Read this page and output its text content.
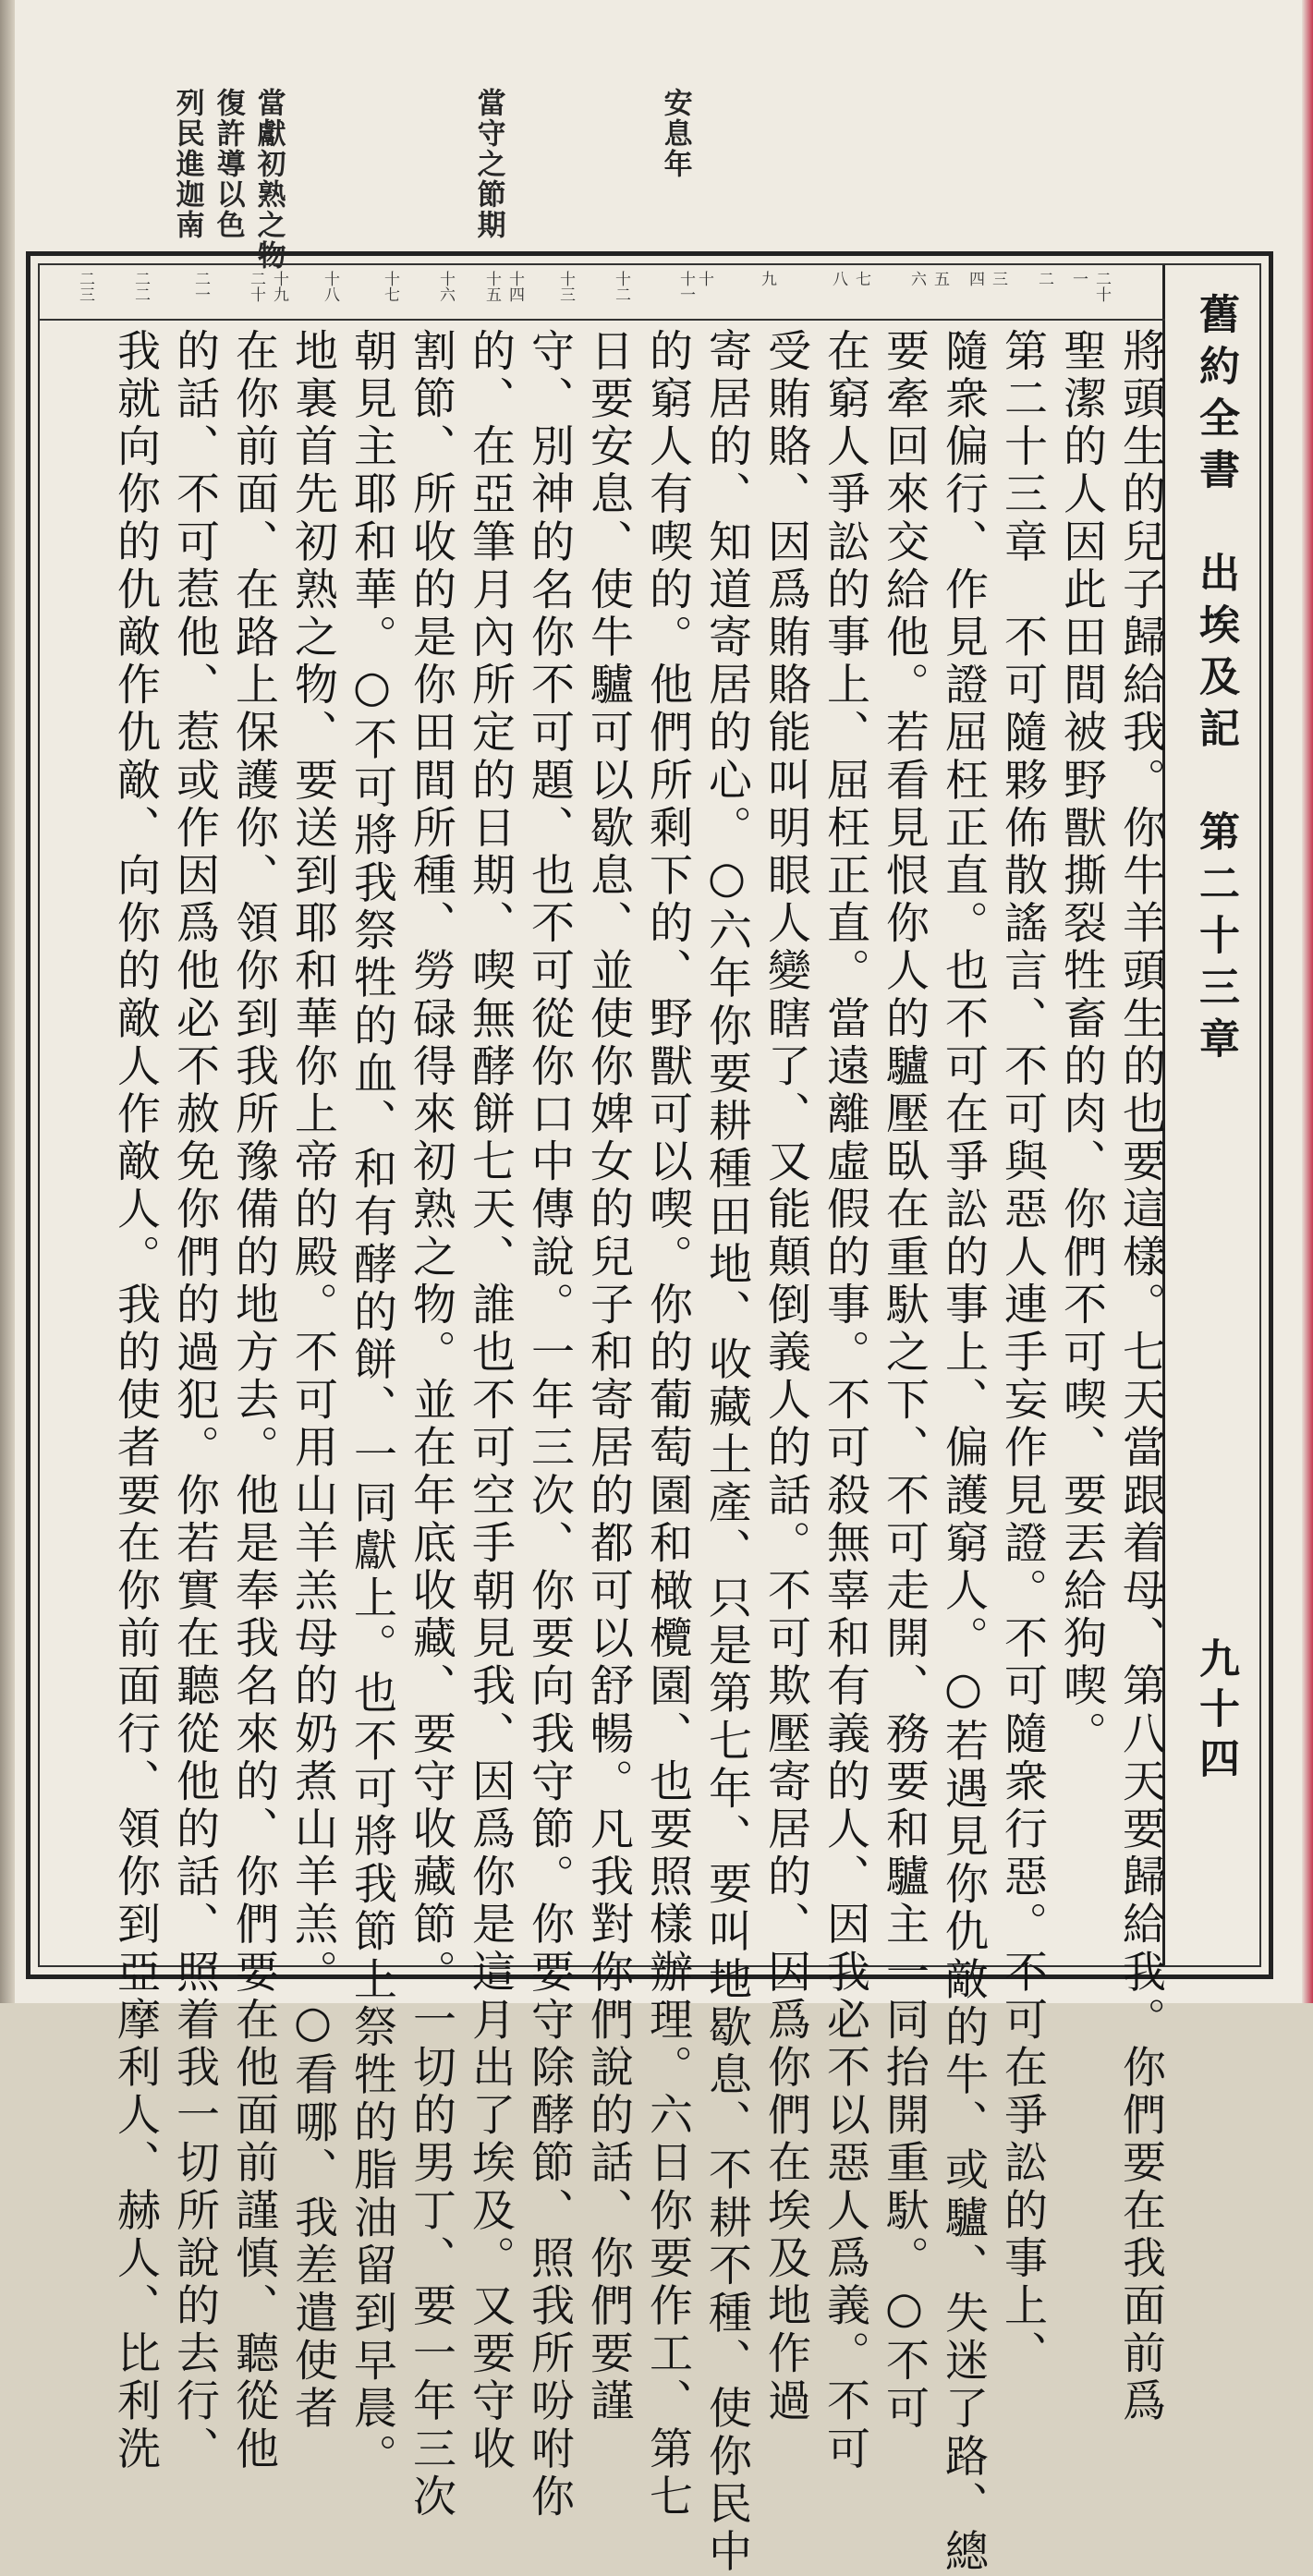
安息年
當守之節期
當獻初熟之物
復許導以色
列民進迦南
舊約全書　出埃及記　第二十三章
九十四
二十
一
二
三
四
五
六
七
八
九
十
十一
十二
十三
十四
十五
十六
十七
十八
十九
二十
二一
二二
二三
將頭生的兒子歸給我。你牛羊頭生的也要這樣。七天當跟着母、第八天要歸給我。你們要在我面前爲
聖潔的人因此田間被野獸撕裂牲畜的肉、你們不可喫、要丟給狗喫。
第二十三章　不可隨夥佈散謠言、不可與惡人連手妄作見證。不可隨衆行惡。不可在爭訟的事上、
隨衆偏行、作見證屈枉正直。也不可在爭訟的事上、偏護窮人。○若遇見你仇敵的牛、或驢、失迷了路、總
要牽回來交給他。若看見恨你人的驢壓臥在重馱之下、不可走開、務要和驢主一同抬開重馱。○不可
在窮人爭訟的事上、屈枉正直。當遠離虛假的事。不可殺無辜和有義的人、因我必不以惡人爲義。不可
受賄賂、因爲賄賂能叫明眼人變瞎了、又能顛倒義人的話。不可欺壓寄居的、因爲你們在埃及地作過
寄居的、知道寄居的心。○六年你要耕種田地、收藏土產、只是第七年、要叫地歇息、不耕不種、使你民中
的窮人有喫的。他們所剩下的、野獸可以喫。你的葡萄園和橄欖園、也要照樣辦理。六日你要作工、第七
日要安息、使牛驢可以歇息、並使你婢女的兒子和寄居的都可以舒暢。凡我對你們說的話、你們要謹
守、別神的名你不可題、也不可從你口中傳說。一年三次、你要向我守節。你要守除酵節、照我所吩咐你
的、在亞筆月內所定的日期、喫無酵餅七天、誰也不可空手朝見我、因爲你是這月出了埃及。又要守收
割節、所收的是你田間所種、勞碌得來初熟之物。並在年底收藏、要守收藏節。一切的男丁、要一年三次
朝見主耶和華。○不可將我祭牲的血、和有酵的餅、一同獻上。也不可將我節上祭牲的脂油留到早晨。
地裏首先初熟之物、要送到耶和華你上帝的殿。不可用山羊羔母的奶煮山羊羔。○看哪、我差遣使者
在你前面、在路上保護你、領你到我所豫備的地方去。他是奉我名來的、你們要在他面前謹慎、聽從他
的話、不可惹他、惹或作因爲他必不赦免你們的過犯。你若實在聽從他的話、照着我一切所說的去行、
我就向你的仇敵作仇敵、向你的敵人作敵人。我的使者要在你前面行、領你到亞摩利人、赫人、比利洗
